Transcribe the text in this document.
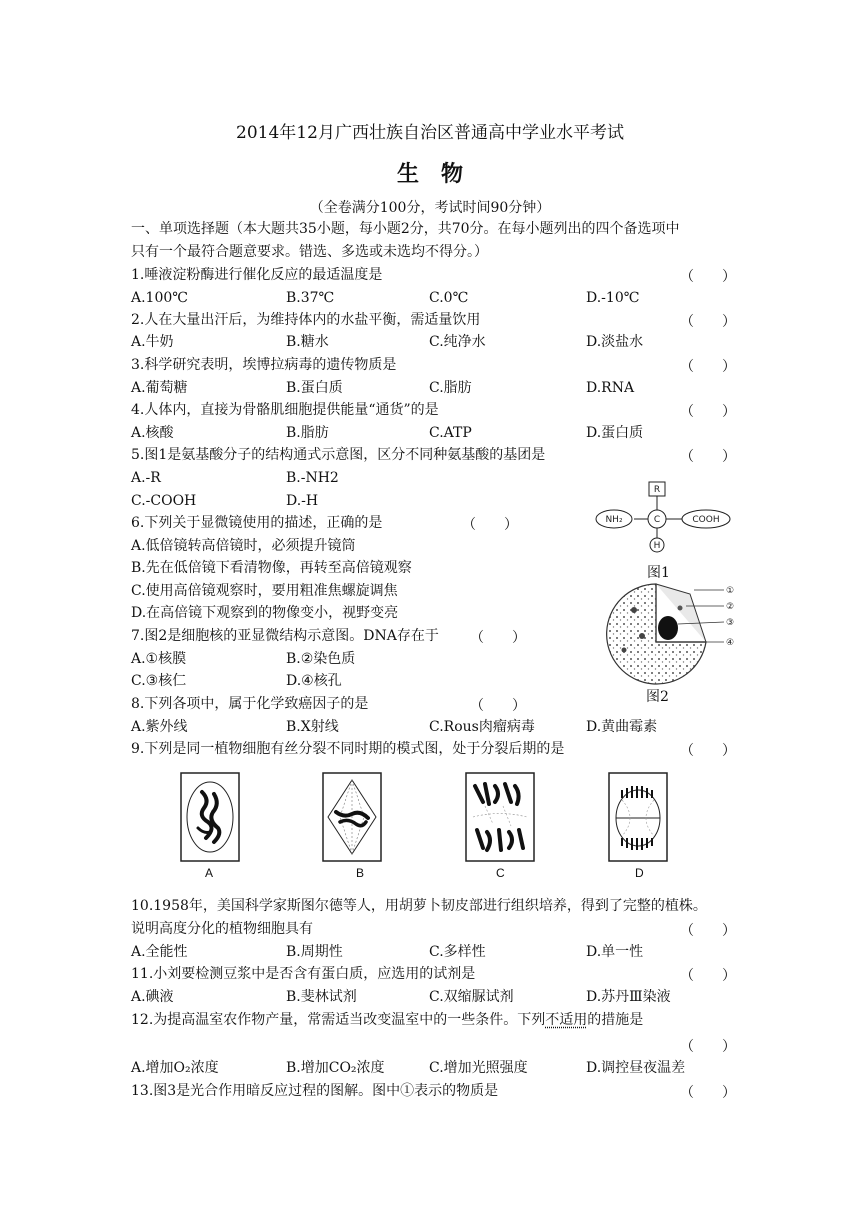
2014年12月广西壮族自治区普通高中学业水平考试
生　物
（全卷满分100分，考试时间90分钟）
一、单项选择题（本大题共35小题，每小题2分，共70分。在每小题列出的四个备选项中
只有一个最符合题意要求。错选、多选或未选均不得分。）
1.唾液淀粉酶进行催化反应的最适温度是	（　　）
A.100℃	B.37℃	C.0℃	D.-10℃
2.人在大量出汗后，为维持体内的水盐平衡，需适量饮用	（　　）
A.牛奶	B.糖水	C.纯净水	D.淡盐水
3.科学研究表明，埃博拉病毒的遗传物质是	（　　）
A.葡萄糖	B.蛋白质	C.脂肪	D.RNA
4.人体内，直接为骨骼肌细胞提供能量“通货”的是	（　　）
A.核酸	B.脂肪	C.ATP	D.蛋白质
5.图1是氨基酸分子的结构通式示意图，区分不同种氨基酸的基团是	（　　）
A.-R	B.-NH2
C.-COOH	D.-H
6.下列关于显微镜使用的描述，正确的是	（　　）
A.低倍镜转高倍镜时，必须提升镜筒
B.先在低倍镜下看清物像，再转至高倍镜观察
C.使用高倍镜观察时，要用粗准焦螺旋调焦
D.在高倍镜下观察到的物像变小，视野变亮
7.图2是细胞核的亚显微结构示意图。DNA存在于 （　　）
A.①核膜	B.②染色质
C.③核仁	D.④核孔
8.下列各项中，属于化学致癌因子的是	（　　）
A.紫外线	B.X射线	C.Rous肉瘤病毒	D.黄曲霉素
9.下列是同一植物细胞有丝分裂不同时期的模式图，处于分裂后期的是	（　　）
A	B	C	D
10.1958年，美国科学家斯图尔德等人，用胡萝卜韧皮部进行组织培养，得到了完整的植株。
说明高度分化的植物细胞具有	（　　）
A.全能性	B.周期性	C.多样性	D.单一性
11.小刘要检测豆浆中是否含有蛋白质，应选用的试剂是	（　　）
A.碘液	B.斐林试剂	C.双缩脲试剂	D.苏丹Ⅲ染液
12.为提高温室农作物产量，常需适当改变温室中的一些条件。下列不适用的措施是
（　　）
A.增加O₂浓度	B.增加CO₂浓度	C.增加光照强度	D.调控昼夜温差
13.图3是光合作用暗反应过程的图解。图中①表示的物质是	（　　）
R
C
NH₂	COOH
H
图1
①
②
③
④
图2
